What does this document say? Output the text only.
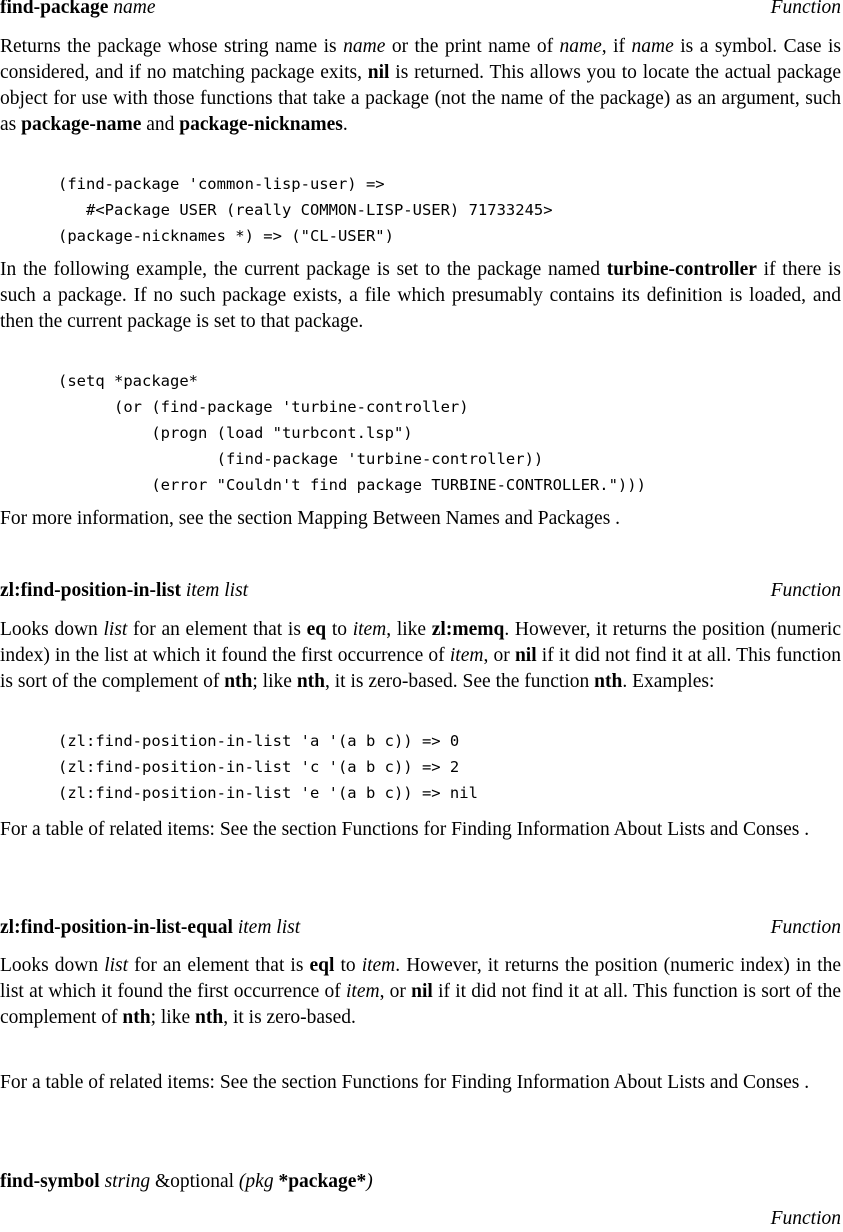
find-package name	Function
Returns the package whose string name is name or the print name of name, if name is a symbol. Case is considered, and if no matching package exits, nil is returned. This allows you to locate the actual package object for use with those functions that take a package (not the name of the package) as an argument, such as package-name and package-nicknames.
(find-package 'common-lisp-user) =>
#<Package USER (really COMMON-LISP-USER) 71733245>
(package-nicknames *) => ("CL-USER")
In the following example, the current package is set to the package named turbine-controller if there is such a package. If no such package exists, a file which presumably contains its definition is loaded, and then the current package is set to that package.
(setq *package*
(or (find-package 'turbine-controller)
(progn (load "turbcont.lsp")
(find-package 'turbine-controller))
(error "Couldn't find package TURBINE-CONTROLLER.")))
For more information, see the section Mapping Between Names and Packages .
zl:find-position-in-list item list	Function
Looks down list for an element that is eq to item, like zl:memq. However, it returns the position (numeric index) in the list at which it found the first occurrence of item, or nil if it did not find it at all. This function is sort of the complement of nth; like nth, it is zero-based. See the function nth. Examples:
(zl:find-position-in-list 'a '(a b c)) => 0
(zl:find-position-in-list 'c '(a b c)) => 2
(zl:find-position-in-list 'e '(a b c)) => nil
For a table of related items: See the section Functions for Finding Information About Lists and Conses .
zl:find-position-in-list-equal item list	Function
Looks down list for an element that is eql to item. However, it returns the position (numeric index) in the list at which it found the first occurrence of item, or nil if it did not find it at all. This function is sort of the complement of nth; like nth, it is zero-based.
For a table of related items: See the section Functions for Finding Information About Lists and Conses .
find-symbol string &optional (pkg *package*)
Function
